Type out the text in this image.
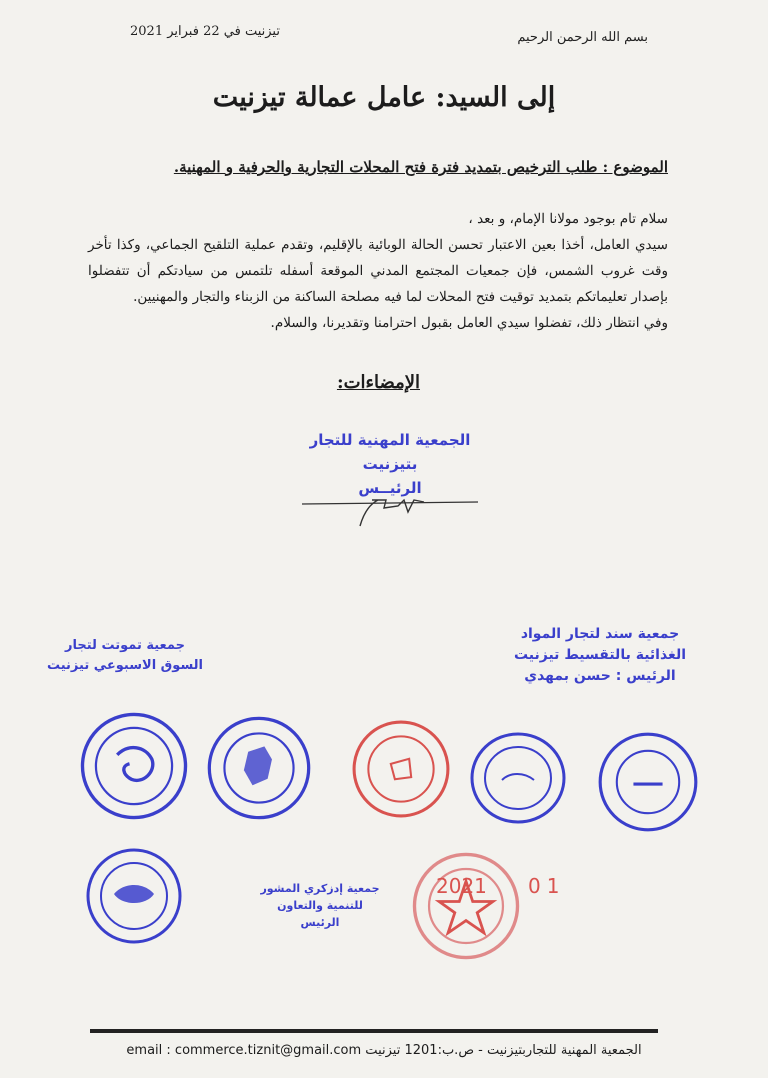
بسم الله الرحمن الرحيم
تيزنيت في 22 فبراير 2021
إلى السيد: عامل عمالة تيزنيت
الموضوع : طلب الترخيص بتمديد فترة فتح المحلات التجارية والحرفية و المهنية.

سلام تام بوجود مولانا الإمام، و بعد ،

سيدي العامل، أخذا بعين الاعتبار تحسن الحالة الوبائية بالإقليم، وتقدم عملية التلقيح الجماعي، وكذا تأخر وقت غروب الشمس، فإن جمعيات المجتمع المدني الموقعة أسفله تلتمس من سيادتكم أن تتفضلوا بإصدار تعليماتكم بتمديد توقيت فتح المحلات لما فيه مصلحة الساكنة من الزبناء والتجار والمهنيين.

وفي انتظار ذلك، تفضلوا سيدي العامل بقبول احترامنا وتقديرنا، والسلام.

الإمضاءات:
الجمعية المهنية للتجار
بتيزنيت
الرئيــس
جمعية تموتت لتجار
السوق الاسبوعي تيزنيت
جمعية سند لتجار المواد
الغذائية بالتقسيط تيزنيت
الرئيس : حسن بمهدي
جمعية إدزكري المشور
للتنمية والتعاون
الرئيس
2021 01
الجمعية المهنية للتجاربتيزنيت - ص.ب:1201 تيزنيت email : commerce.tiznit@gmail.com
